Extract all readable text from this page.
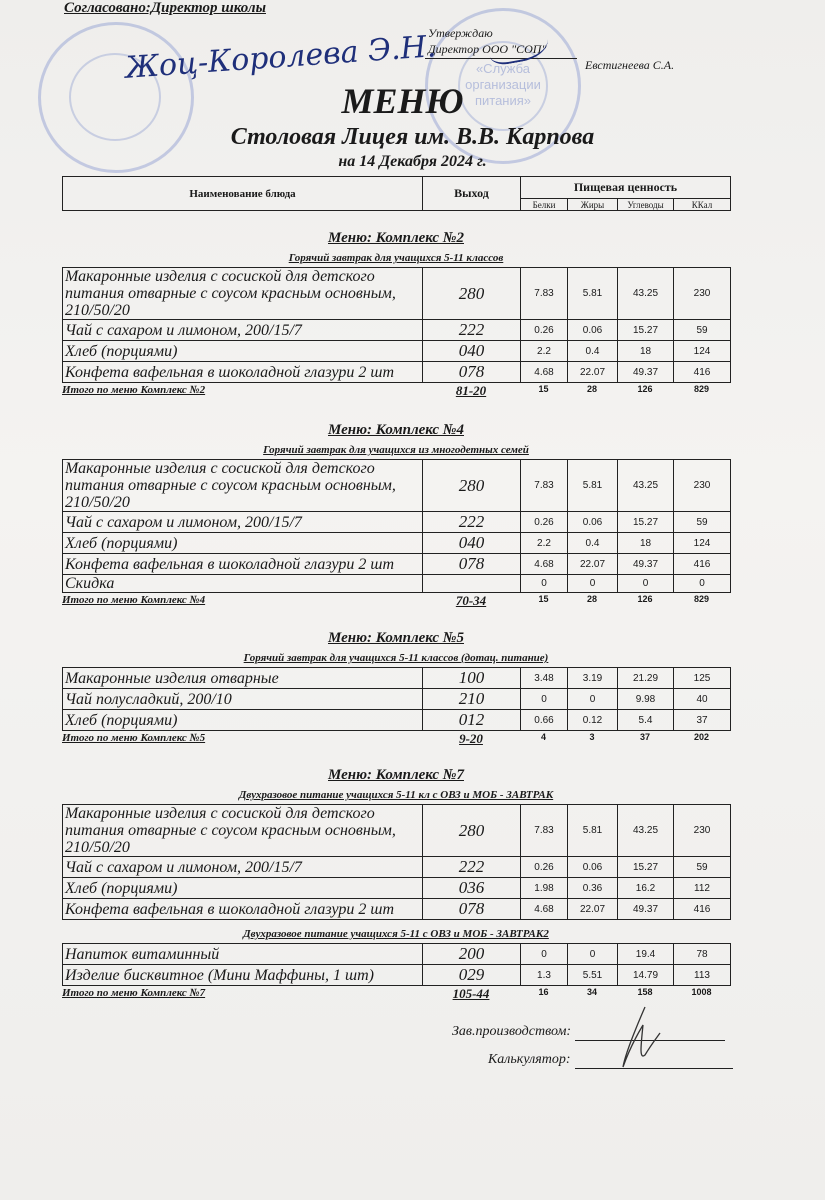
«Служба организации питания»
Согласовано:Директор школы
Жоц-Королева Э.Н.
Утверждаю
Директор ООО "СОП"
Евстигнеева С.А.
МЕНЮ
Столовая Лицея им. В.В. Карпова
на 14 Декабря 2024 г.
Наименование блюда	Выход	Пищевая ценность			
		Белки	Жиры	Углеводы	ККал
Зав.производством:
Калькулятор:
Меню: Комплекс №2
Горячий завтрак для учащихся 5-11 классов
Макаронные изделия с сосиской для детского питания отварные с соусом красным основным, 210/50/20	280	7.83	5.81	43.25	230
Чай с сахаром и лимоном, 200/15/7	222	0.26	0.06	15.27	59
Хлеб (порциями)	040	2.2	0.4	18	124
Конфета вафельная в шоколадной глазури 2 шт	078	4.68	22.07	49.37	416
Итого по меню Комплекс №2	81-20	15	28	126	829
Меню: Комплекс №4
Горячий завтрак для учащихся из многодетных семей
Макаронные изделия с сосиской для детского питания отварные с соусом красным основным, 210/50/20	280	7.83	5.81	43.25	230
Чай с сахаром и лимоном, 200/15/7	222	0.26	0.06	15.27	59
Хлеб (порциями)	040	2.2	0.4	18	124
Конфета вафельная в шоколадной глазури 2 шт	078	4.68	22.07	49.37	416
Скидка		0	0	0	0
Итого по меню Комплекс №4	70-34	15	28	126	829
Меню: Комплекс №5
Горячий завтрак для учащихся 5-11 классов (дотац. питание)
Макаронные изделия отварные	100	3.48	3.19	21.29	125
Чай полусладкий, 200/10	210	0	0	9.98	40
Хлеб (порциями)	012	0.66	0.12	5.4	37
Итого по меню Комплекс №5	9-20	4	3	37	202
Меню: Комплекс №7
Двухразовое питание учащихся 5-11 кл с ОВЗ и МОБ - ЗАВТРАК
Макаронные изделия с сосиской для детского питания отварные с соусом красным основным, 210/50/20	280	7.83	5.81	43.25	230
Чай с сахаром и лимоном, 200/15/7	222	0.26	0.06	15.27	59
Хлеб (порциями)	036	1.98	0.36	16.2	112
Конфета вафельная в шоколадной глазури 2 шт	078	4.68	22.07	49.37	416
Двухразовое питание учащихся 5-11 с ОВЗ и МОБ - ЗАВТРАК2
Напиток витаминный	200	0	0	19.4	78
Изделие бисквитное (Мини Маффины, 1 шт)	029	1.3	5.51	14.79	113
Итого по меню Комплекс №7	105-44	16	34	158	1008
